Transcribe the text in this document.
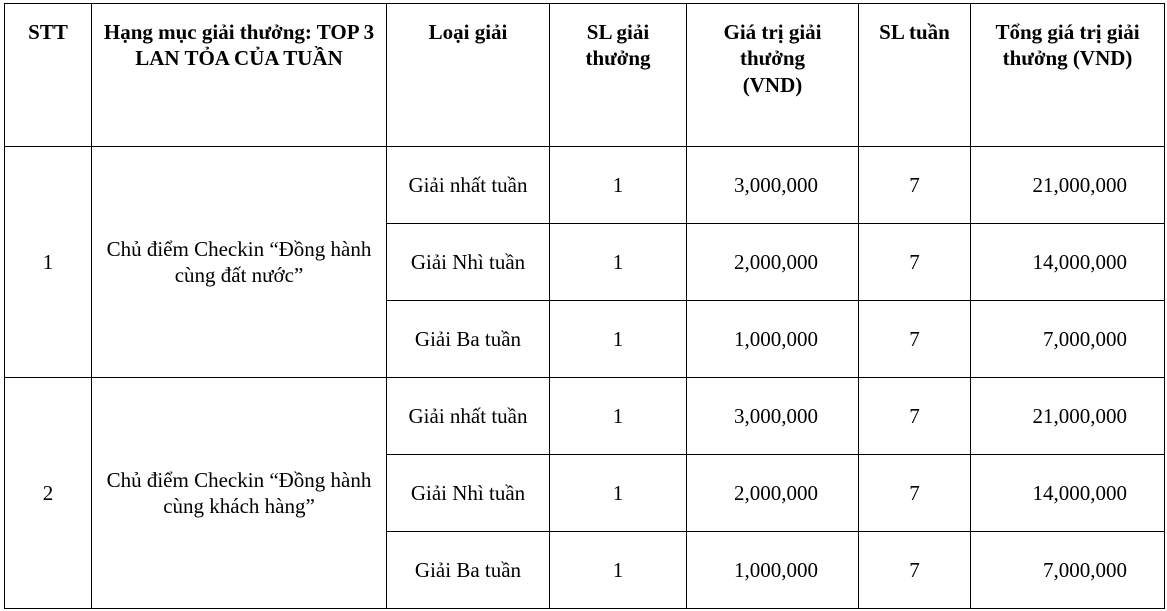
STT	Hạng mục giải thưởng: TOP 3 LAN TỎA CỦA TUẦN	Loại giải	SL giải thưởng	Giá trị giải thưởng (VND)	SL tuần	Tổng giá trị giải thưởng (VND)

1	Chủ điểm Checkin “Đồng hành cùng đất nước”	Giải nhất tuần	1	3,000,000	7	21,000,000
		Giải Nhì tuần	1	2,000,000	7	14,000,000
		Giải Ba tuần	1	1,000,000	7	7,000,000
2	Chủ điểm Checkin “Đồng hành cùng khách hàng”	Giải nhất tuần	1	3,000,000	7	21,000,000
		Giải Nhì tuần	1	2,000,000	7	14,000,000
		Giải Ba tuần	1	1,000,000	7	7,000,000
